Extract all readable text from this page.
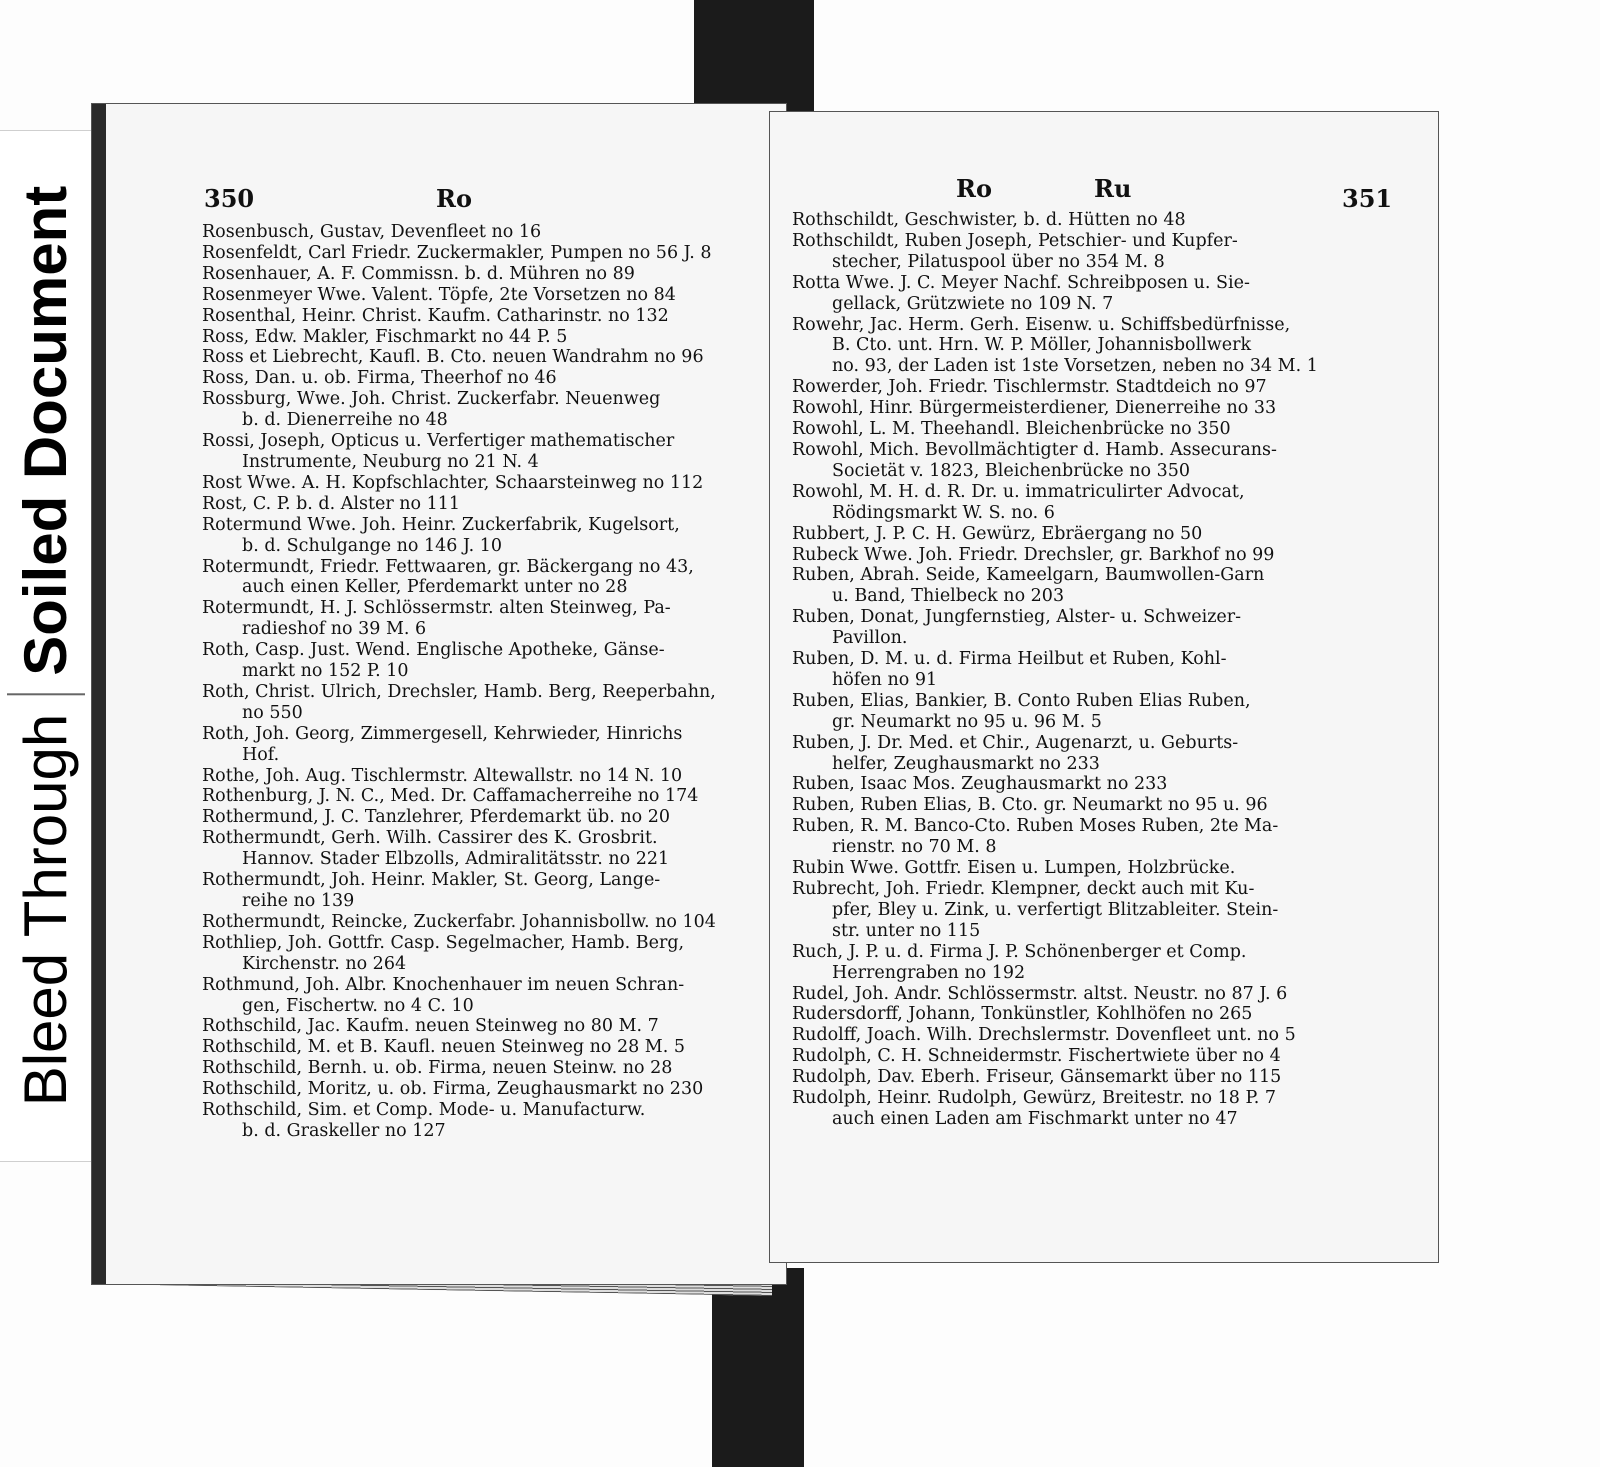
Bleed Through
Soiled Document	350	Ro
Rosenbusch, Gustav, Devenfleet no 16
Rosenfeldt, Carl Friedr. Zuckermakler, Pumpen no 56 J. 8
Rosenhauer, A. F. Commissn. b. d. Mühren no 89
Rosenmeyer Wwe. Valent. Töpfe, 2te Vorsetzen no 84
Rosenthal, Heinr. Christ. Kaufm. Catharinstr. no 132
Ross, Edw. Makler, Fischmarkt no 44 P. 5
Ross et Liebrecht, Kaufl. B. Cto. neuen Wandrahm no 96
Ross, Dan. u. ob. Firma, Theerhof no 46
Rossburg, Wwe. Joh. Christ. Zuckerfabr. Neuenweg
b. d. Dienerreihe no 48
Rossi, Joseph, Opticus u. Verfertiger mathematischer
Instrumente, Neuburg no 21 N. 4
Rost Wwe. A. H. Kopfschlachter, Schaarsteinweg no 112
Rost, C. P. b. d. Alster no 111
Rotermund Wwe. Joh. Heinr. Zuckerfabrik, Kugelsort,
b. d. Schulgange no 146 J. 10
Rotermundt, Friedr. Fettwaaren, gr. Bäckergang no 43,
auch einen Keller, Pferdemarkt unter no 28
Rotermundt, H. J. Schlössermstr. alten Steinweg, Pa-
radieshof no 39 M. 6
Roth, Casp. Just. Wend. Englische Apotheke, Gänse-
markt no 152 P. 10
Roth, Christ. Ulrich, Drechsler, Hamb. Berg, Reeperbahn,
no 550
Roth, Joh. Georg, Zimmergesell, Kehrwieder, Hinrichs
Hof.
Rothe, Joh. Aug. Tischlermstr. Altewallstr. no 14 N. 10
Rothenburg, J. N. C., Med. Dr. Caffamacherreihe no 174
Rothermund, J. C. Tanzlehrer, Pferdemarkt üb. no 20
Rothermundt, Gerh. Wilh. Cassirer des K. Grosbrit.
Hannov. Stader Elbzolls, Admiralitätsstr. no 221
Rothermundt, Joh. Heinr. Makler, St. Georg, Lange-
reihe no 139
Rothermundt, Reincke, Zuckerfabr. Johannisbollw. no 104
Rothliep, Joh. Gottfr. Casp. Segelmacher, Hamb. Berg,
Kirchenstr. no 264
Rothmund, Joh. Albr. Knochenhauer im neuen Schran-
gen, Fischertw. no 4 C. 10
Rothschild, Jac. Kaufm. neuen Steinweg no 80 M. 7
Rothschild, M. et B. Kaufl. neuen Steinweg no 28 M. 5
Rothschild, Bernh. u. ob. Firma, neuen Steinw. no 28
Rothschild, Moritz, u. ob. Firma, Zeughausmarkt no 230
Rothschild, Sim. et Comp. Mode- u. Manufacturw.
b. d. Graskeller no 127
Ro	Ru	351
Rothschildt, Geschwister, b. d. Hütten no 48
Rothschildt, Ruben Joseph, Petschier- und Kupfer-
stecher, Pilatuspool über no 354 M. 8
Rotta Wwe. J. C. Meyer Nachf. Schreibposen u. Sie-
gellack, Grützwiete no 109 N. 7
Rowehr, Jac. Herm. Gerh. Eisenw. u. Schiffsbedürfnisse,
B. Cto. unt. Hrn. W. P. Möller, Johannisbollwerk
no. 93, der Laden ist 1ste Vorsetzen, neben no 34 M. 1
Rowerder, Joh. Friedr. Tischlermstr. Stadtdeich no 97
Rowohl, Hinr. Bürgermeisterdiener, Dienerreihe no 33
Rowohl, L. M. Theehandl. Bleichenbrücke no 350
Rowohl, Mich. Bevollmächtigter d. Hamb. Assecurans-
Societät v. 1823, Bleichenbrücke no 350
Rowohl, M. H. d. R. Dr. u. immatriculirter Advocat,
Rödingsmarkt W. S. no. 6
Rubbert, J. P. C. H. Gewürz, Ebräergang no 50
Rubeck Wwe. Joh. Friedr. Drechsler, gr. Barkhof no 99
Ruben, Abrah. Seide, Kameelgarn, Baumwollen-Garn
u. Band, Thielbeck no 203
Ruben, Donat, Jungfernstieg, Alster- u. Schweizer-
Pavillon.
Ruben, D. M. u. d. Firma Heilbut et Ruben, Kohl-
höfen no 91
Ruben, Elias, Bankier, B. Conto Ruben Elias Ruben,
gr. Neumarkt no 95 u. 96 M. 5
Ruben, J. Dr. Med. et Chir., Augenarzt, u. Geburts-
helfer, Zeughausmarkt no 233
Ruben, Isaac Mos. Zeughausmarkt no 233
Ruben, Ruben Elias, B. Cto. gr. Neumarkt no 95 u. 96
Ruben, R. M. Banco-Cto. Ruben Moses Ruben, 2te Ma-
rienstr. no 70 M. 8
Rubin Wwe. Gottfr. Eisen u. Lumpen, Holzbrücke.
Rubrecht, Joh. Friedr. Klempner, deckt auch mit Ku-
pfer, Bley u. Zink, u. verfertigt Blitzableiter. Stein-
str. unter no 115
Ruch, J. P. u. d. Firma J. P. Schönenberger et Comp.
Herrengraben no 192
Rudel, Joh. Andr. Schlössermstr. altst. Neustr. no 87 J. 6
Rudersdorff, Johann, Tonkünstler, Kohlhöfen no 265
Rudolff, Joach. Wilh. Drechslermstr. Dovenfleet unt. no 5
Rudolph, C. H. Schneidermstr. Fischertwiete über no 4
Rudolph, Dav. Eberh. Friseur, Gänsemarkt über no 115
Rudolph, Heinr. Rudolph, Gewürz, Breitestr. no 18 P. 7
auch einen Laden am Fischmarkt unter no 47
